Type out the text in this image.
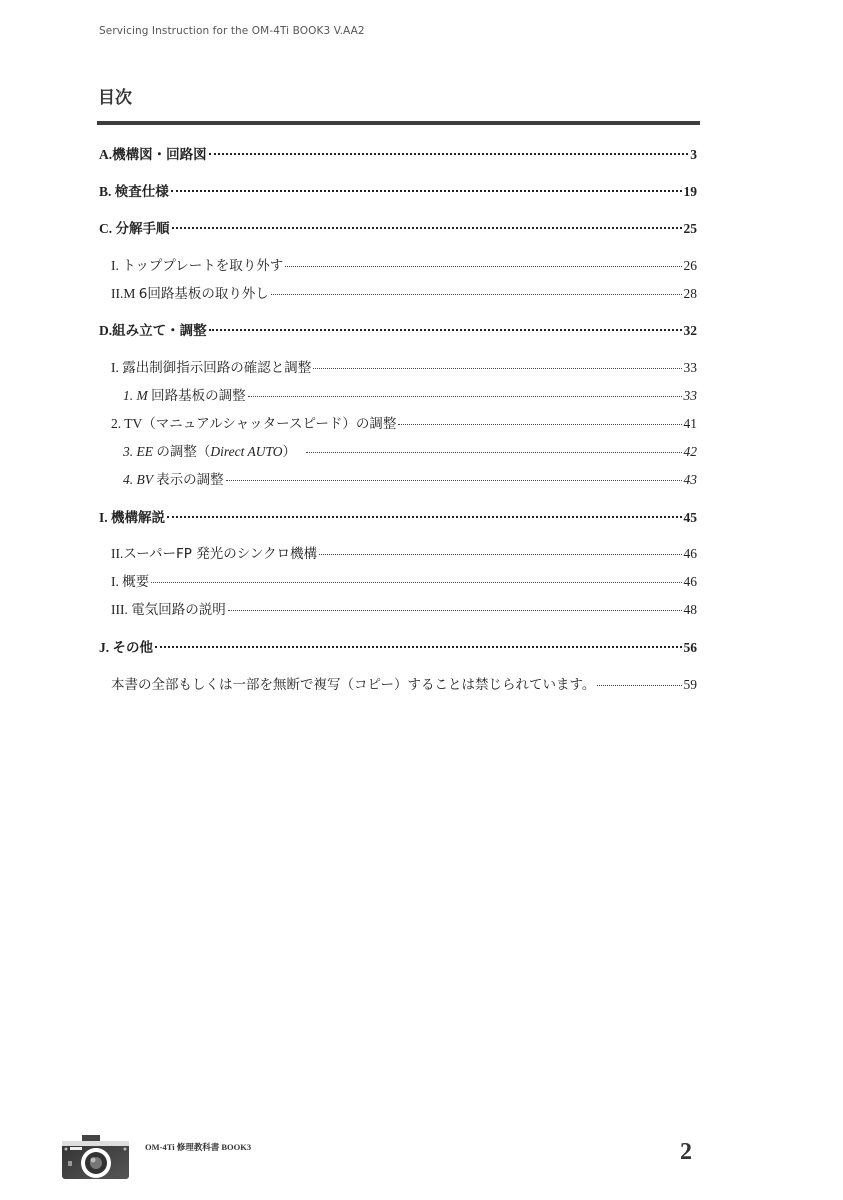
Servicing Instruction for the OM-4Ti BOOK3 V.AA2
目次
A.機構図・回路図	3
B. 検査仕様	19
C. 分解手順	25
I. トッププレートを取り外す	26
II.M 6回路基板の取り外し	28
D.組み立て・調整	32
I. 露出制御指示回路の確認と調整	33
1. M 回路基板の調整	33
2. TV（マニュアルシャッタースピード）の調整	41
3. EE の調整（Direct AUTO）	42
4. BV 表示の調整	43
I. 機構解説	45
II.スーパーFP 発光のシンクロ機構	46
I. 概要	46
III. 電気回路の説明	48
J. その他	56
本書の全部もしくは一部を無断で複写（コピー）することは禁じられています。	59
OM-4Ti 修理教科書 BOOK3	2
